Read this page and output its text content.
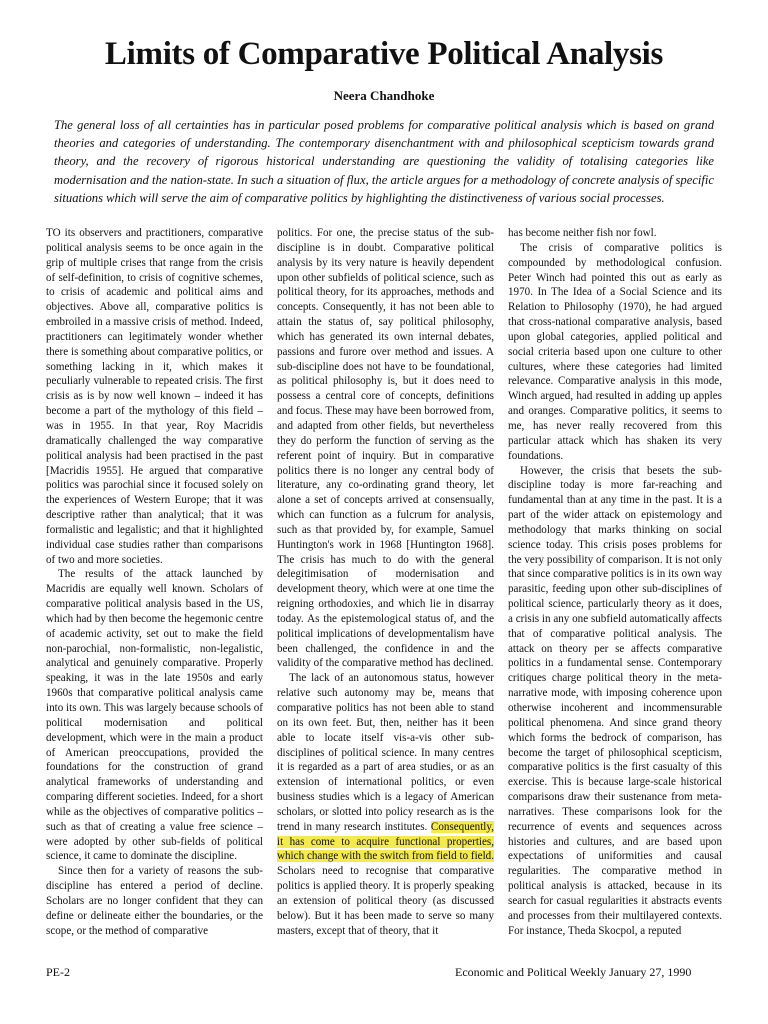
Limits of Comparative Political Analysis

Neera Chandhoke

The general loss of all certainties has in particular posed problems for comparative political analysis which is based on grand theories and categories of understanding. The contemporary disenchantment with and philosophical scepticism towards grand theory, and the recovery of rigorous historical understanding are questioning the validity of totalising categories like modernisation and the nation-state. In such a situation of flux, the article argues for a methodology of concrete analysis of specific situations which will serve the aim of comparative politics by highlighting the distinctiveness of various social processes.

TO its observers and practitioners, comparative political analysis seems to be once again in the grip of multiple crises that range from the crisis of self-definition, to crisis of cognitive schemes, to crisis of academic and political aims and objectives. Above all, comparative politics is embroiled in a massive crisis of method. Indeed, practitioners can legitimately wonder whether there is something about comparative politics, or something lacking in it, which makes it peculiarly vulnerable to repeated crisis. The first crisis as is by now well known – indeed it has become a part of the mythology of this field – was in 1955. In that year, Roy Macridis dramatically challenged the way comparative political analysis had been practised in the past [Macridis 1955]. He argued that comparative politics was parochial since it focused solely on the experiences of Western Europe; that it was descriptive rather than analytical; that it was formalistic and legalistic; and that it highlighted individual case studies rather than comparisons of two and more societies.

The results of the attack launched by Macridis are equally well known. Scholars of comparative political analysis based in the US, which had by then become the hegemonic centre of academic activity, set out to make the field non-parochial, non-formalistic, non-legalistic, analytical and genuinely comparative. Properly speaking, it was in the late 1950s and early 1960s that comparative political analysis came into its own. This was largely because schools of political modernisation and political development, which were in the main a product of American preoccupations, provided the foundations for the construction of grand analytical frameworks of understanding and comparing different societies. Indeed, for a short while as the objectives of comparative politics – such as that of creating a value free science – were adopted by other sub-fields of political science, it came to dominate the discipline.

Since then for a variety of reasons the sub-discipline has entered a period of decline. Scholars are no longer confident that they can define or delineate either the boundaries, or the scope, or the method of comparative

politics. For one, the precise status of the sub-discipline is in doubt. Comparative political analysis by its very nature is heavily dependent upon other subfields of political science, such as political theory, for its approaches, methods and concepts. Consequently, it has not been able to attain the status of, say political philosophy, which has generated its own internal debates, passions and furore over method and issues. A sub-discipline does not have to be foundational, as political philosophy is, but it does need to possess a central core of concepts, definitions and focus. These may have been borrowed from, and adapted from other fields, but nevertheless they do perform the function of serving as the referent point of inquiry. But in comparative politics there is no longer any central body of literature, any co-ordinating grand theory, let alone a set of concepts arrived at consensually, which can function as a fulcrum for analysis, such as that provided by, for example, Samuel Huntington's work in 1968 [Huntington 1968]. The crisis has much to do with the general delegitimisation of modernisation and development theory, which were at one time the reigning orthodoxies, and which lie in disarray today. As the epistemological status of, and the political implications of developmentalism have been challenged, the confidence in and the validity of the comparative method has declined.

The lack of an autonomous status, however relative such autonomy may be, means that comparative politics has not been able to stand on its own feet. But, then, neither has it been able to locate itself vis-a-vis other sub-disciplines of political science. In many centres it is regarded as a part of area studies, or as an extension of international politics, or even business studies which is a legacy of American scholars, or slotted into policy research as is the trend in many research institutes. Consequently, it has come to acquire functional properties, which change with the switch from field to field. Scholars need to recognise that comparative politics is applied theory. It is properly speaking an extension of political theory (as discussed below). But it has been made to serve so many masters, except that of theory, that it

has become neither fish nor fowl.

The crisis of comparative politics is compounded by methodological confusion. Peter Winch had pointed this out as early as 1970. In The Idea of a Social Science and its Relation to Philosophy (1970), he had argued that cross-national comparative analysis, based upon global categories, applied political and social criteria based upon one culture to other cultures, where these categories had limited relevance. Comparative analysis in this mode, Winch argued, had resulted in adding up apples and oranges. Comparative politics, it seems to me, has never really recovered from this particular attack which has shaken its very foundations.

However, the crisis that besets the sub-discipline today is more far-reaching and fundamental than at any time in the past. It is a part of the wider attack on epistemology and methodology that marks thinking on social science today. This crisis poses problems for the very possibility of comparison. It is not only that since comparative politics is in its own way parasitic, feeding upon other sub-disciplines of political science, particularly theory as it does, a crisis in any one subfield automatically affects that of comparative political analysis. The attack on theory per se affects comparative politics in a fundamental sense. Contemporary critiques charge political theory in the meta-narrative mode, with imposing coherence upon otherwise incoherent and incommensurable political phenomena. And since grand theory which forms the bedrock of comparison, has become the target of philosophical scepticism, comparative politics is the first casualty of this exercise. This is because large-scale historical comparisons draw their sustenance from meta-narratives. These comparisons look for the recurrence of events and sequences across histories and cultures, and are based upon expectations of uniformities and causal regularities. The comparative method in political analysis is attacked, because in its search for casual regularities it abstracts events and processes from their multilayered contexts. For instance, Theda Skocpol, a reputed

PE-2	Economic and Political Weekly January 27, 1990
